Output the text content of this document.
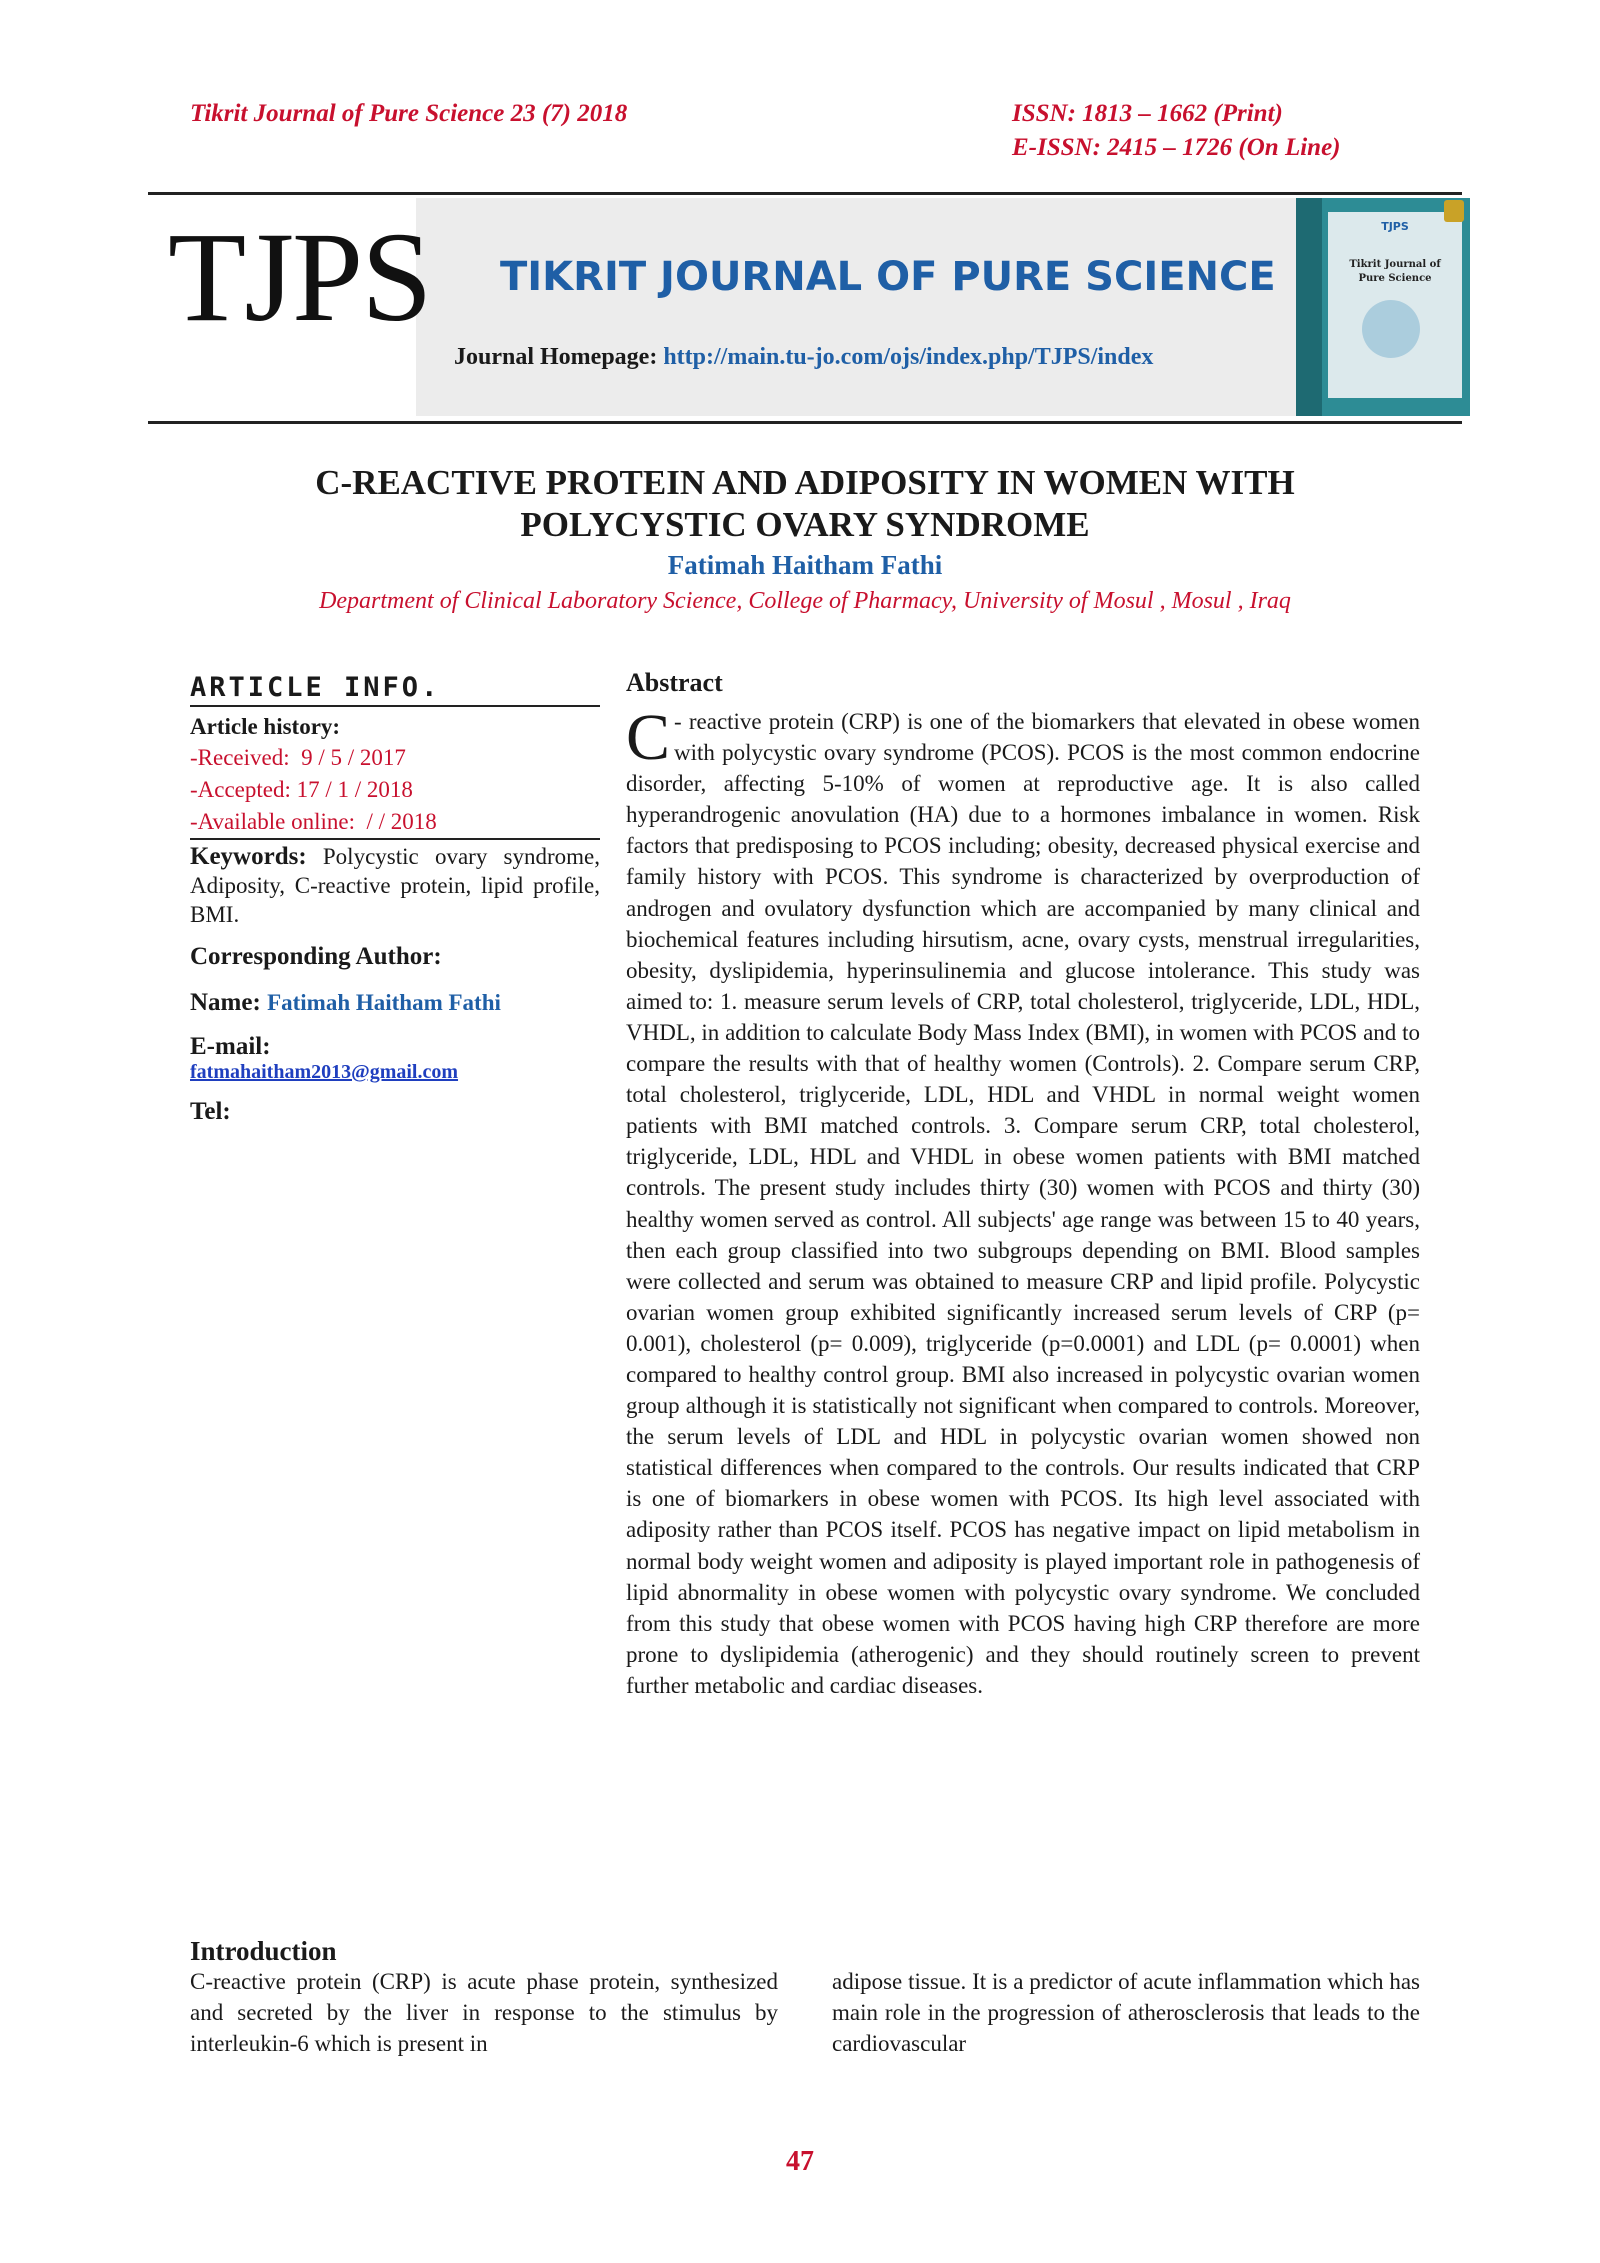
Tikrit Journal of Pure Science 23 (7) 2018	ISSN: 1813 – 1662 (Print)
E-ISSN: 2415 – 1726 (On Line)
TJPS TIKRIT JOURNAL OF PURE SCIENCE
Journal Homepage: http://main.tu-jo.com/ojs/index.php/TJPS/index
TJPS
Tikrit Journal of Pure Science
C-REACTIVE PROTEIN AND ADIPOSITY IN WOMEN WITH
POLYCYSTIC OVARY SYNDROME
Fatimah Haitham Fathi
Department of Clinical Laboratory Science, College of Pharmacy, University of Mosul , Mosul , Iraq
ARTICLE INFO.
Article history:
-Received: 9 / 5 / 2017
-Accepted: 17 / 1 / 2018
-Available online: / / 2018
Keywords: Polycystic ovary syndrome, Adiposity, C-reactive protein, lipid profile, BMI.
Corresponding Author:
Name: Fatimah Haitham Fathi
E-mail:
fatmahaitham2013@gmail.com
Tel:
Abstract
C - reactive protein (CRP) is one of the biomarkers that elevated in obese women with polycystic ovary syndrome (PCOS). PCOS is the most common endocrine disorder, affecting 5-10% of women at reproductive age. It is also called hyperandrogenic anovulation (HA) due to a hormones imbalance in women. Risk factors that predisposing to PCOS including; obesity, decreased physical exercise and family history with PCOS. This syndrome is characterized by overproduction of androgen and ovulatory dysfunction which are accompanied by many clinical and biochemical features including hirsutism, acne, ovary cysts, menstrual irregularities, obesity, dyslipidemia, hyperinsulinemia and glucose intolerance. This study was aimed to: 1. measure serum levels of CRP, total cholesterol, triglyceride, LDL, HDL, VHDL, in addition to calculate Body Mass Index (BMI), in women with PCOS and to compare the results with that of healthy women (Controls). 2. Compare serum CRP, total cholesterol, triglyceride, LDL, HDL and VHDL in normal weight women patients with BMI matched controls. 3. Compare serum CRP, total cholesterol, triglyceride, LDL, HDL and VHDL in obese women patients with BMI matched controls. The present study includes thirty (30) women with PCOS and thirty (30) healthy women served as control. All subjects' age range was between 15 to 40 years, then each group classified into two subgroups depending on BMI. Blood samples were collected and serum was obtained to measure CRP and lipid profile. Polycystic ovarian women group exhibited significantly increased serum levels of CRP (p= 0.001), cholesterol (p= 0.009), triglyceride (p=0.0001) and LDL (p= 0.0001) when compared to healthy control group. BMI also increased in polycystic ovarian women group although it is statistically not significant when compared to controls. Moreover, the serum levels of LDL and HDL in polycystic ovarian women showed non statistical differences when compared to the controls. Our results indicated that CRP is one of biomarkers in obese women with PCOS. Its high level associated with adiposity rather than PCOS itself. PCOS has negative impact on lipid metabolism in normal body weight women and adiposity is played important role in pathogenesis of lipid abnormality in obese women with polycystic ovary syndrome. We concluded from this study that obese women with PCOS having high CRP therefore are more prone to dyslipidemia (atherogenic) and they should routinely screen to prevent further metabolic and cardiac diseases.
Introduction
C-reactive protein (CRP) is acute phase protein, synthesized and secreted by the liver in response to the stimulus by interleukin-6 which is present in
adipose tissue. It is a predictor of acute inflammation which has main role in the progression of atherosclerosis that leads to the cardiovascular
47
